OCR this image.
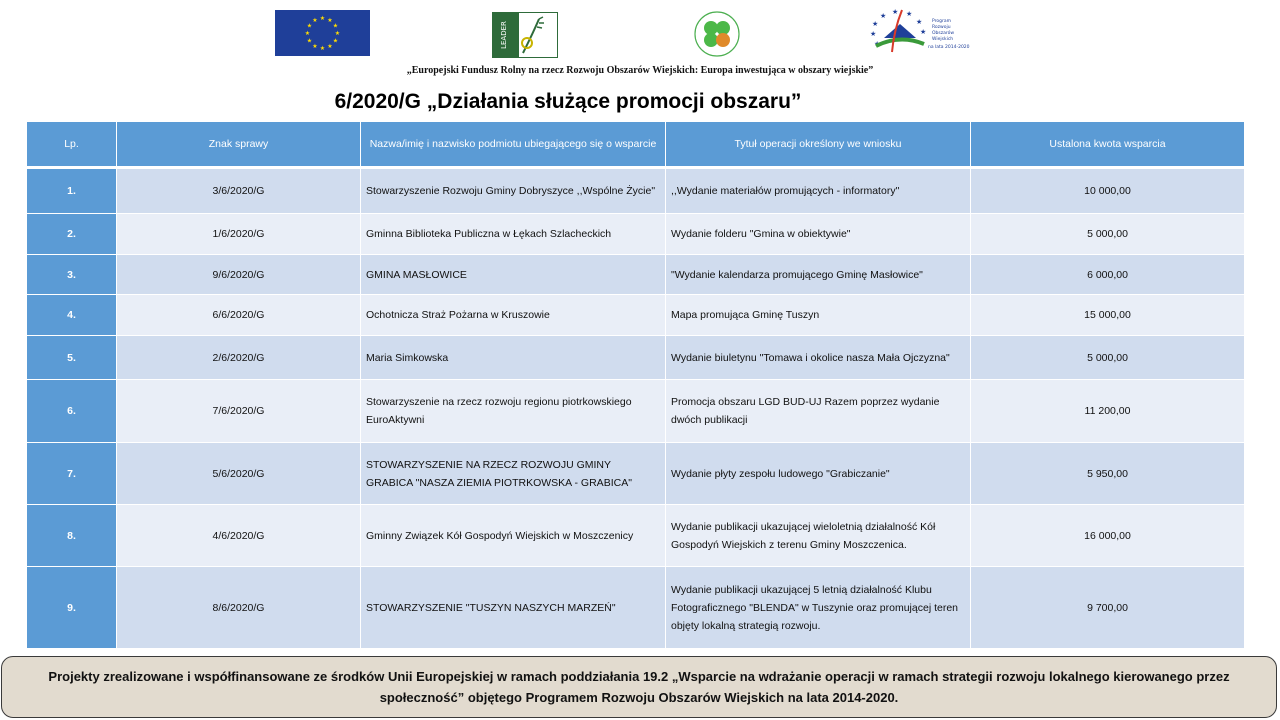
★ ★
★
★
★
★
★
★
★
★
★
★
LEADER	★
★
★ ★ ★
★
★
★
Program
Rozwoju
Obszarów
Wiejskich
na lata 2014-2020
„Europejski Fundusz Rolny na rzecz Rozwoju Obszarów Wiejskich: Europa inwestująca w obszary wiejskie”
6/2020/G „Działania służące promocji obszaru”
Lp.	Znak sprawy	Nazwa/imię i nazwisko podmiotu ubiegającego się o wsparcie	Tytuł operacji określony we wniosku	Ustalona kwota wsparcia
1.	3/6/2020/G	Stowarzyszenie Rozwoju Gminy Dobryszyce ,,Wspólne Życie"	,,Wydanie materiałów promujących - informatory"	10 000,00
2.	1/6/2020/G	Gminna Biblioteka Publiczna w Łękach Szlacheckich	Wydanie folderu "Gmina w obiektywie"	5 000,00
3.	9/6/2020/G	GMINA MASŁOWICE	"Wydanie kalendarza promującego Gminę Masłowice"	6 000,00
4.	6/6/2020/G	Ochotnicza Straż Pożarna w Kruszowie	Mapa promująca Gminę Tuszyn	15 000,00
5.	2/6/2020/G	Maria Simkowska	Wydanie biuletynu "Tomawa i okolice nasza Mała Ojczyzna"	5 000,00
6.	7/6/2020/G	Stowarzyszenie na rzecz rozwoju regionu piotrkowskiego EuroAktywni	Promocja obszaru LGD BUD-UJ Razem poprzez wydanie dwóch publikacji	11 200,00
7.	5/6/2020/G	STOWARZYSZENIE NA RZECZ ROZWOJU GMINY GRABICA "NASZA ZIEMIA PIOTRKOWSKA - GRABICA"	Wydanie płyty zespołu ludowego "Grabiczanie"	5 950,00
8.	4/6/2020/G	Gminny Związek Kół Gospodyń Wiejskich w Moszczenicy	Wydanie publikacji ukazującej wieloletnią działalność Kół Gospodyń Wiejskich z terenu Gminy Moszczenica.	16 000,00
9.	8/6/2020/G	STOWARZYSZENIE "TUSZYN NASZYCH MARZEŃ"	Wydanie publikacji ukazującej 5 letnią działalność Klubu Fotograficznego "BLENDA" w Tuszynie oraz promującej teren objęty lokalną strategią rozwoju.	9 700,00
Projekty zrealizowane i współfinansowane ze środków Unii Europejskiej w ramach poddziałania 19.2 „Wsparcie na wdrażanie operacji w ramach strategii rozwoju lokalnego kierowanego przez społeczność” objętego Programem Rozwoju Obszarów Wiejskich na lata 2014-2020.
